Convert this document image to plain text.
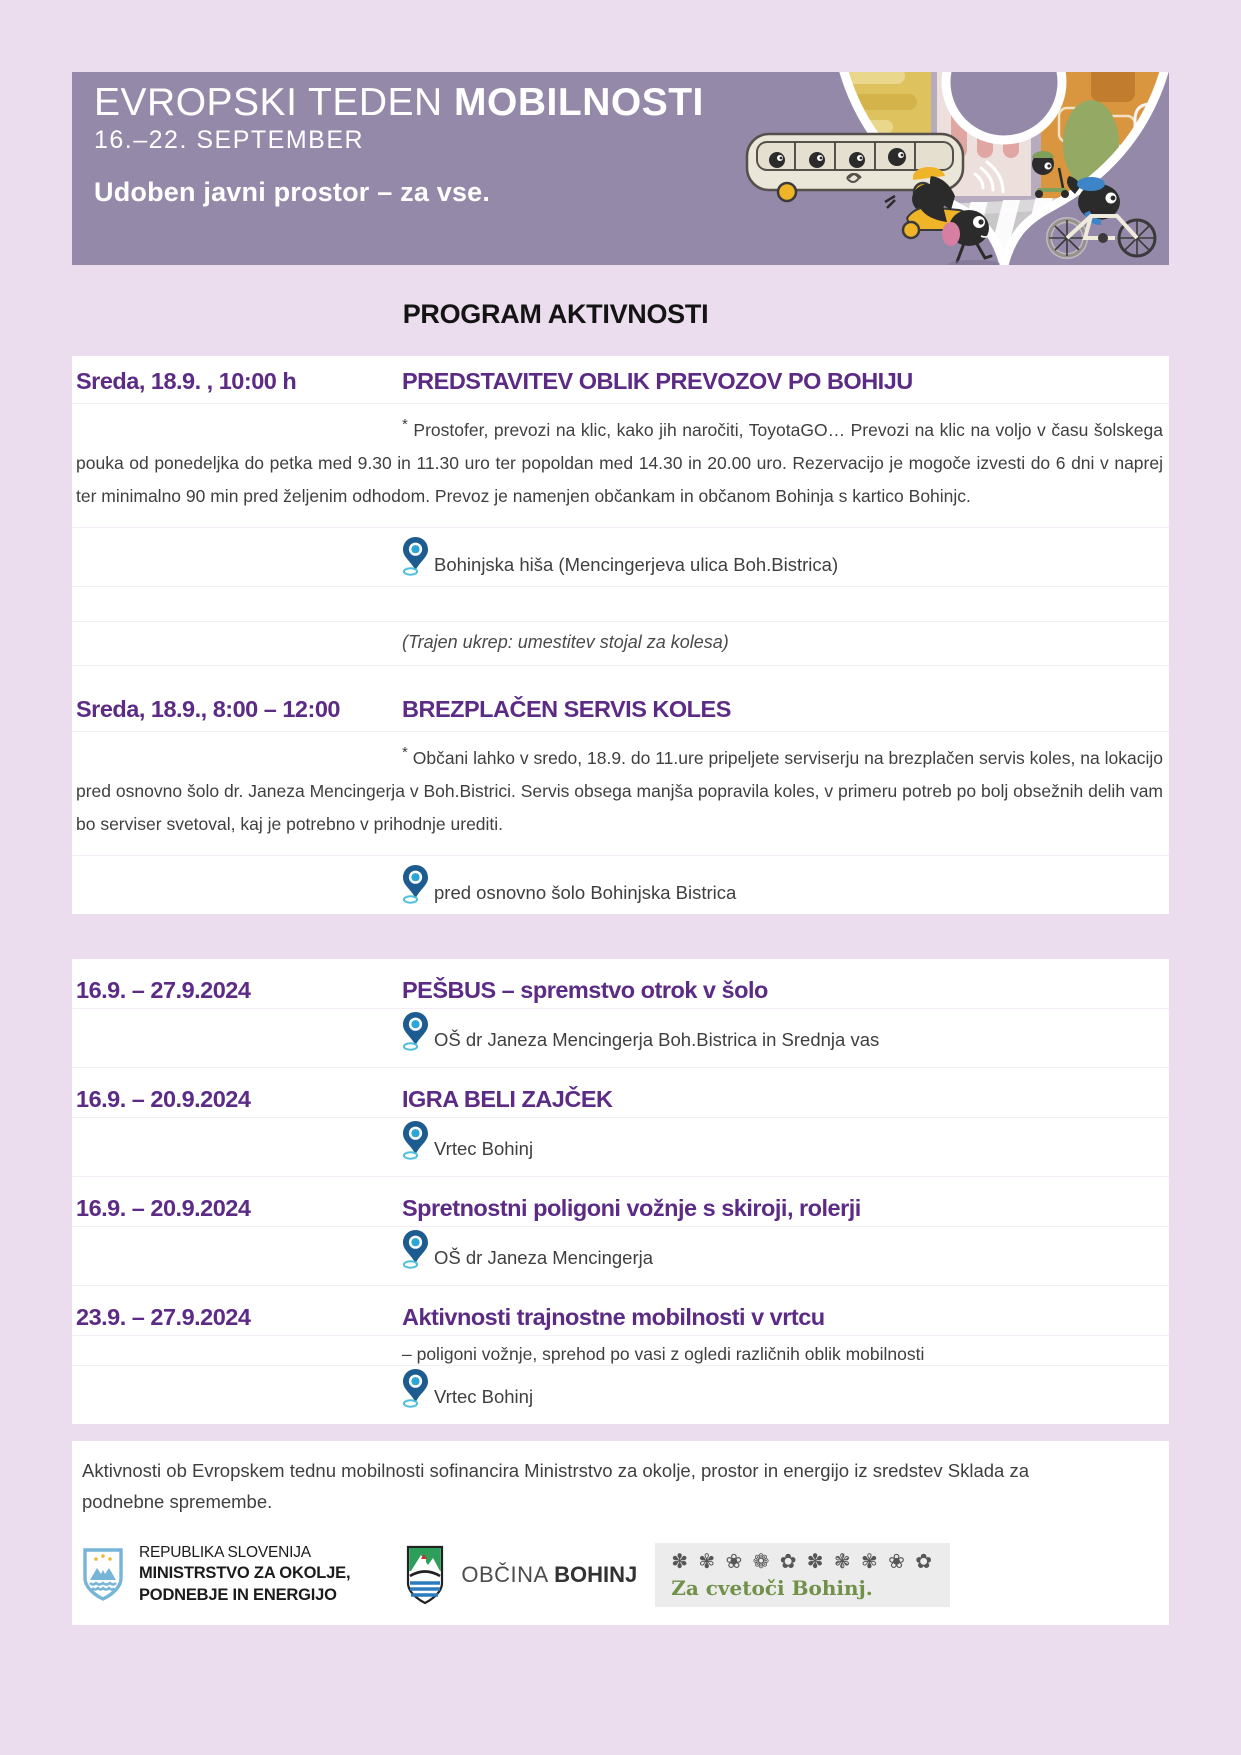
EVROPSKI TEDEN MOBILNOSTI
16.–22. SEPTEMBER
Udoben javni prostor – za vse.
PROGRAM AKTIVNOSTI
Sreda, 18.9. , 10:00 h	PREDSTAVITEV OBLIK PREVOZOV PO BOHIJU

* Prostofer, prevozi na klic, kako jih naročiti, ToyotaGO… Prevozi na klic na voljo v času šolskega pouka od ponedeljka do petka med 9.30 in 11.30 uro ter popoldan med 14.30 in 20.00 uro. Rezervacijo je mogoče izvesti do 6 dni v naprej ter minimalno 90 min pred željenim odhodom. Prevoz je namenjen občankam in občanom Bohinja s kartico Bohinjc.

Bohinjska hiša (Mencingerjeva ulica Boh.Bistrica)
(Trajen ukrep: umestitev stojal za kolesa)
Sreda, 18.9., 8:00 – 12:00	BREZPLAČEN SERVIS KOLES

* Občani lahko v sredo, 18.9. do 11.ure pripeljete serviserju na brezplačen servis koles, na lokacijo pred osnovno šolo dr. Janeza Mencingerja v Boh.Bistrici. Servis obsega manjša popravila koles, v primeru potreb po bolj obsežnih delih vam bo serviser svetoval, kaj je potrebno v prihodnje urediti.

pred osnovno šolo Bohinjska Bistrica
16.9. – 27.9.2024	PEŠBUS – spremstvo otrok v šolo
OŠ dr Janeza Mencingerja Boh.Bistrica in Srednja vas
16.9. – 20.9.2024	IGRA BELI ZAJČEK
Vrtec Bohinj
16.9. – 20.9.2024	Spretnostni poligoni vožnje s skiroji, rolerji
OŠ dr Janeza Mencingerja
23.9. – 27.9.2024	Aktivnosti trajnostne mobilnosti v vrtcu
– poligoni vožnje, sprehod po vasi z ogledi različnih oblik mobilnosti
Vrtec Bohinj

Aktivnosti ob Evropskem tednu mobilnosti sofinancira Ministrstvo za okolje, prostor in energijo iz sredstev Sklada za podnebne spremembe.

REPUBLIKA SLOVENIJA
MINISTRSTVO ZA OKOLJE,
PODNEBJE IN ENERGIJO
OBČINA BOHINJ
✽ ✾ ❀ ❁ ✿ ✽ ❃ ✾ ❀ ✿
Za cvetoči Bohinj.
